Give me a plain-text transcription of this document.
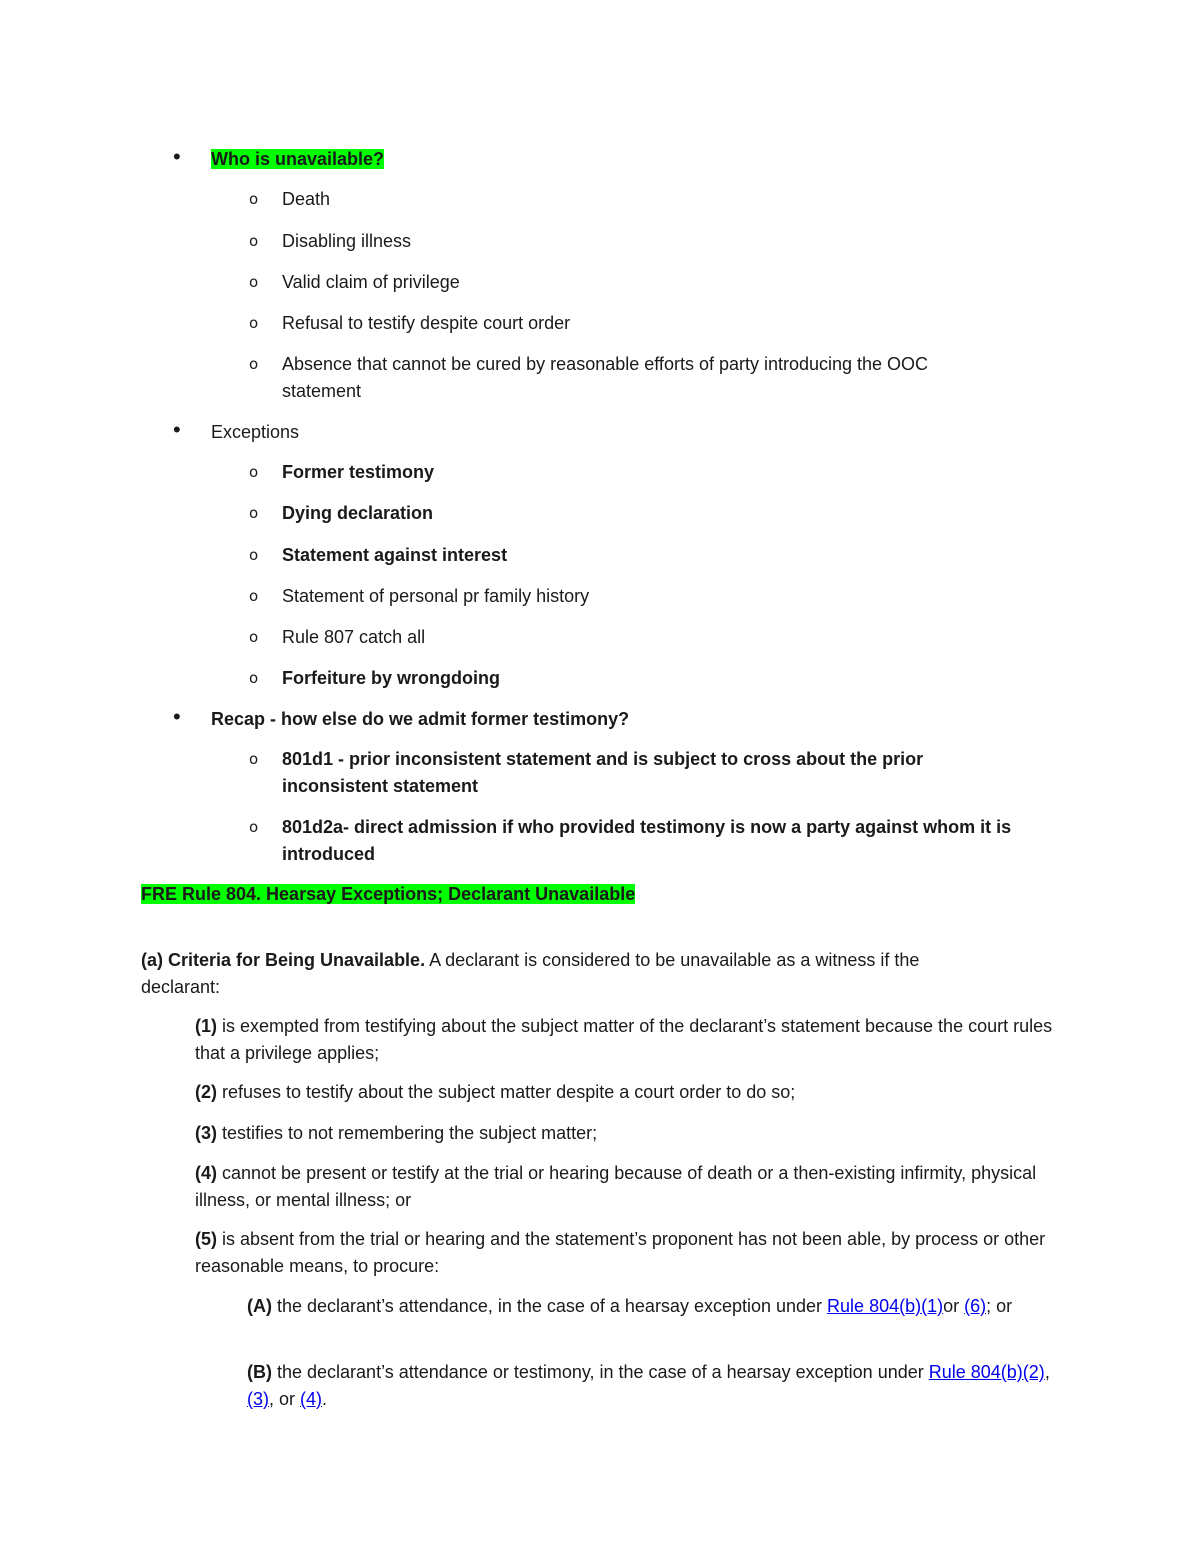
• Who is unavailable?
o Death
o Disabling illness
o Valid claim of privilege
o Refusal to testify despite court order
o Absence that cannot be cured by reasonable efforts of party introducing the OOC statement
• Exceptions
o Former testimony
o Dying declaration
o Statement against interest
o Statement of personal pr family history
o Rule 807 catch all
o Forfeiture by wrongdoing
• Recap - how else do we admit former testimony?
o 801d1 - prior inconsistent statement and is subject to cross about the prior inconsistent statement
o 801d2a- direct admission if who provided testimony is now a party against whom it is introduced
FRE Rule 804. Hearsay Exceptions; Declarant Unavailable
(a) Criteria for Being Unavailable. A declarant is considered to be unavailable as a witness if the declarant:
(1) is exempted from testifying about the subject matter of the declarant’s statement because the court rules that a privilege applies;
(2) refuses to testify about the subject matter despite a court order to do so;
(3) testifies to not remembering the subject matter;
(4) cannot be present or testify at the trial or hearing because of death or a then-existing infirmity, physical illness, or mental illness; or
(5) is absent from the trial or hearing and the statement’s proponent has not been able, by process or other reasonable means, to procure:
(A) the declarant’s attendance, in the case of a hearsay exception under Rule 804(b)(1)or (6); or
(B) the declarant’s attendance or testimony, in the case of a hearsay exception under Rule 804(b)(2), (3), or (4).
